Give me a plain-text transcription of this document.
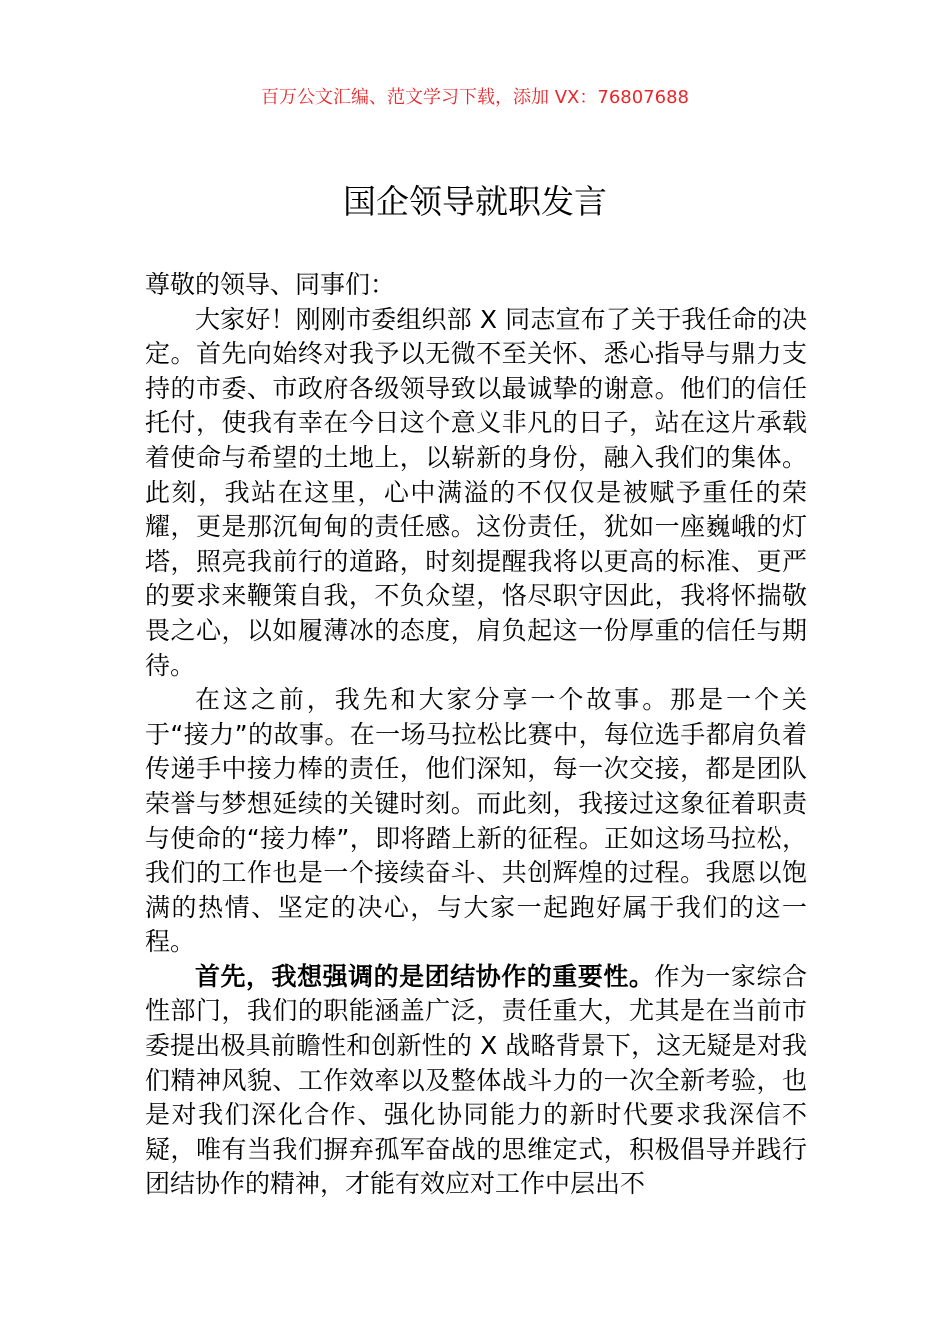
百万公文汇编、范文学习下载，添加 VX：76807688
国企领导就职发言

尊敬的领导、同事们：

大家好！刚刚市委组织部 X 同志宣布了关于我任命的决定。首先向始终对我予以无微不至关怀、悉心指导与鼎力支持的市委、市政府各级领导致以最诚挚的谢意。他们的信任托付，使我有幸在今日这个意义非凡的日子，站在这片承载着使命与希望的土地上，以崭新的身份，融入我们的集体。此刻，我站在这里，心中满溢的不仅仅是被赋予重任的荣耀，更是那沉甸甸的责任感。这份责任，犹如一座巍峨的灯塔，照亮我前行的道路，时刻提醒我将以更高的标准、更严的要求来鞭策自我，不负众望，恪尽职守因此，我将怀揣敬畏之心，以如履薄冰的态度，肩负起这一份厚重的信任与期待。

在这之前，我先和大家分享一个故事。那是一个关于“接力”的故事。在一场马拉松比赛中，每位选手都肩负着传递手中接力棒的责任，他们深知，每一次交接，都是团队荣誉与梦想延续的关键时刻。而此刻，我接过这象征着职责与使命的“接力棒”，即将踏上新的征程。正如这场马拉松，我们的工作也是一个接续奋斗、共创辉煌的过程。我愿以饱满的热情、坚定的决心，与大家一起跑好属于我们的这一程。

首先，我想强调的是团结协作的重要性。作为一家综合性部门，我们的职能涵盖广泛，责任重大，尤其是在当前市委提出极具前瞻性和创新性的 X 战略背景下，这无疑是对我们精神风貌、工作效率以及整体战斗力的一次全新考验，也是对我们深化合作、强化协同能力的新时代要求我深信不疑，唯有当我们摒弃孤军奋战的思维定式，积极倡导并践行团结协作的精神，才能有效应对工作中层出不
